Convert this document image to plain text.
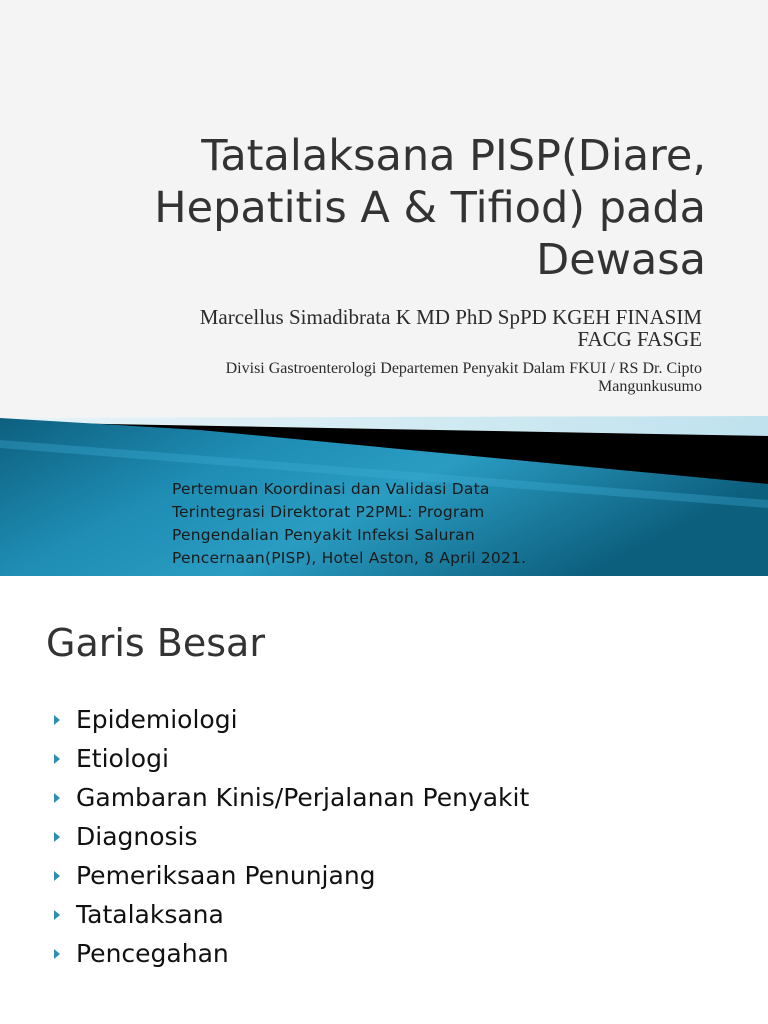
Tatalaksana PISP(Diare,
Hepatitis A & Tifiod) pada
Dewasa
Marcellus Simadibrata K MD PhD SpPD KGEH FINASIM
FACG FASGE
Divisi Gastroenterologi Departemen Penyakit Dalam FKUI / RS Dr. Cipto
Mangunkusumo
Pertemuan Koordinasi dan Validasi Data
Terintegrasi Direktorat P2PML: Program
Pengendalian Penyakit Infeksi Saluran
Pencernaan(PISP), Hotel Aston, 8 April 2021.
Garis Besar
Epidemiologi
Etiologi
Gambaran Kinis/Perjalanan Penyakit
Diagnosis
Pemeriksaan Penunjang
Tatalaksana
Pencegahan
